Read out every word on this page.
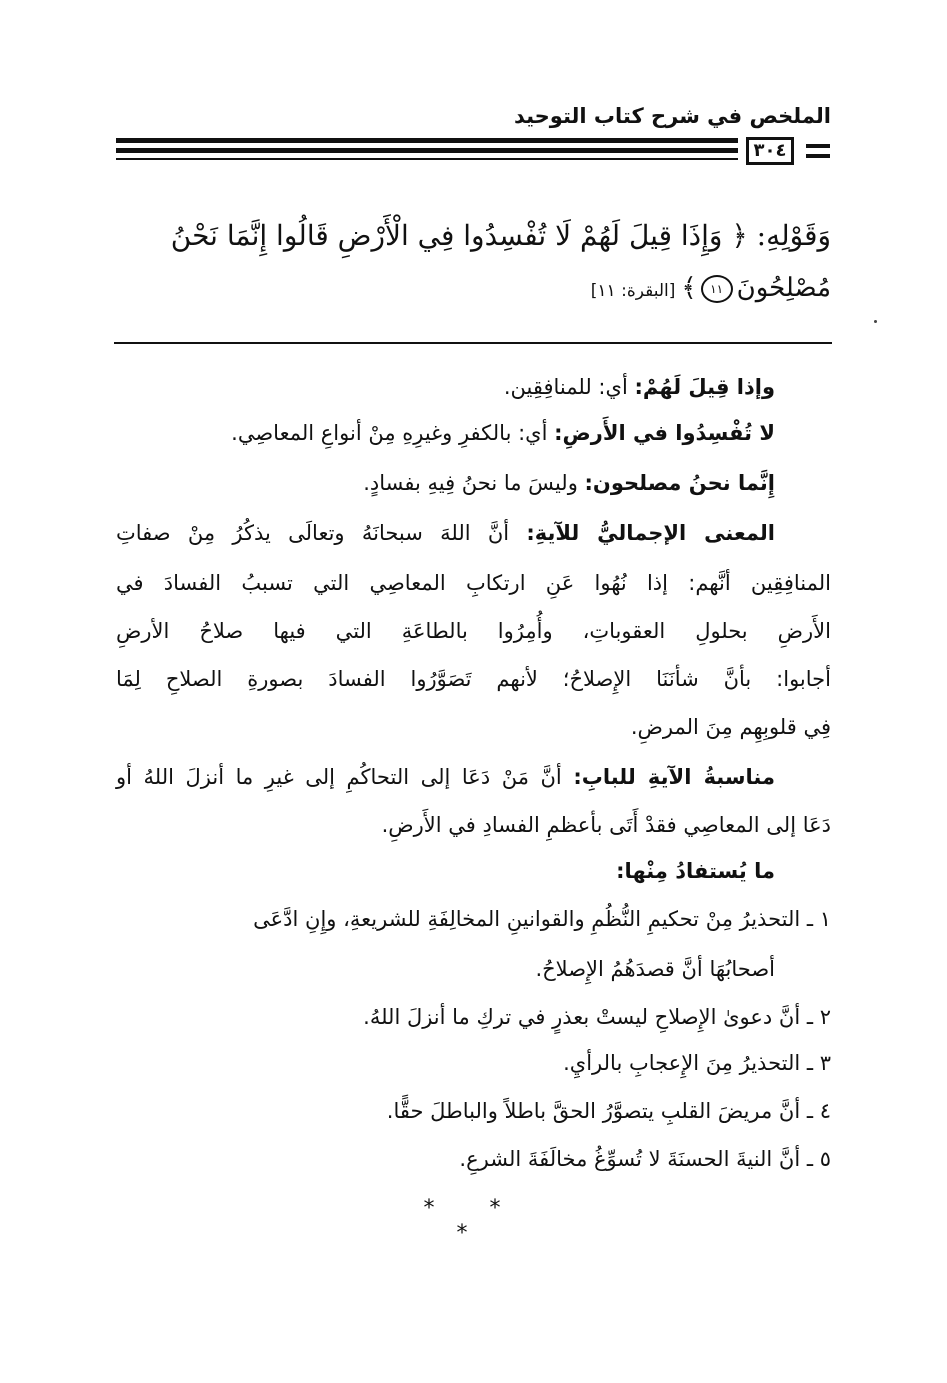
الملخص في شرح كتاب التوحيد
٣٠٤
وَقَوْلِهِ: ﴿ وَإِذَا قِيلَ لَهُمْ لَا تُفْسِدُوا فِي الْأَرْضِ قَالُوا إِنَّمَا نَحْنُ
مُصْلِحُونَ١١﴾[البقرة: ١١]
وإذا قِيلَ لَهُمْ: أي: للمنافِقِين.
لا تُفْسِدُوا في الأَرضِ: أي: بالكفرِ وغيرِهِ مِنْ أنواعِ المعاصِي.
إِنَّما نحنُ مصلحون: وليسَ ما نحنُ فِيهِ بفسادٍ.
المعنى الإجماليُّ للآيةِ: أنَّ اللهَ سبحانَهُ وتعالَى يذكُرُ مِنْ صفاتِ
المنافِقِين أنَّهم: إذا نُهُوا عَنِ ارتكابِ المعاصِي التي تسببُ الفسادَ في
الأَرضِ بحلولِ العقوباتِ، وأُمِرُوا بالطاعَةِ التي فيها صلاحُ الأرضِ
أجابوا: بأنَّ شأنَنَا الإِصلاحُ؛ لأنهم تَصَوَّرُوا الفسادَ بصورةِ الصلاحِ لِمَا
فِي قلوبِهِم مِنَ المرضِ.
مناسبةُ الآيةِ للبابِ: أنَّ مَنْ دَعَا إلى التحاكُمِ إلى غيرِ ما أنزلَ اللهُ أو
دَعَا إلى المعاصِي فقدْ أَتَى بأعظمِ الفسادِ في الأَرضِ.
ما يُستفادُ مِنْها:
١ ـ التحذيرُ مِنْ تحكيمِ النُّظُمِ والقوانينِ المخالِفَةِ للشريعةِ، وإِنِ ادَّعَى
أصحابُهَا أنَّ قصدَهُمُ الإِصلاحُ.
٢ ـ أنَّ دعوىٰ الإِصلاحِ ليستْ بعذرٍ في تركِ ما أنزلَ اللهُ.
٣ ـ التحذيرُ مِنَ الإِعجابِ بالرأيِ.
٤ ـ أنَّ مريضَ القلبِ يتصوَّرُ الحقَّ باطلاً والباطلَ حقًّا.
٥ ـ أنَّ النيةَ الحسنَةَ لا تُسوِّغُ مخالَفَةَ الشرعِ.
* * *
